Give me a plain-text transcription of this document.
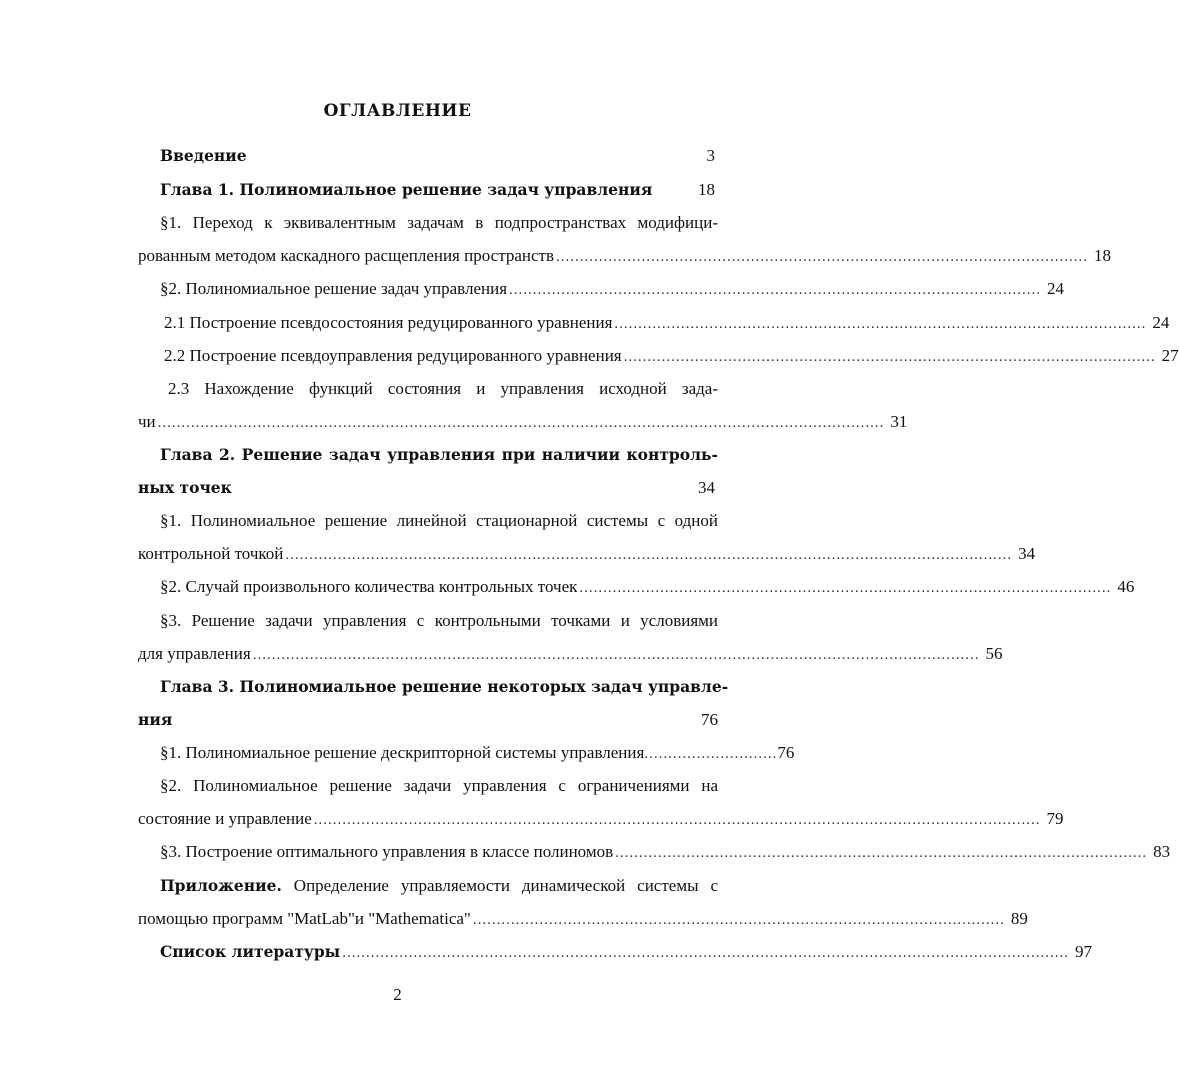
ОГЛАВЛЕНИЕ
Введение	3
Глава 1. Полиномиальное решение задач управления	18
§1. Переход к эквивалентным задачам в подпространствах модифици-
рованным методом каскадного расщепления пространств ................................................................................................................ 18
§2. Полиномиальное решение задач управления ................................................................................................................ 24
2.1 Построение псевдосостояния редуцированного уравнения ................................................................................................................ 24
2.2 Построение псевдоуправления редуцированного уравнения ................................................................................................................ 27
2.3 Нахождение функций состояния и управления исходной зада-
чи ......................................................................................................................................................... 31
Глава 2. Решение задач управления при наличии контроль-
ных точек	34
§1. Полиномиальное решение линейной стационарной системы с одной
контрольной точкой ......................................................................................................................................................... 34
§2. Случай произвольного количества контрольных точек ................................................................................................................ 46
§3. Решение задачи управления с контрольными точками и условиями
для управления ......................................................................................................................................................... 56
Глава 3. Полиномиальное решение некоторых задач управле-
ния	76
§1. Полиномиальное решение дескрипторной системы управления ............................ 76
§2. Полиномиальное решение задачи управления с ограничениями на
состояние и управление ......................................................................................................................................................... 79
§3. Построение оптимального управления в классе полиномов ................................................................................................................ 83
Приложение. Определение управляемости динамической системы с
помощью программ "MatLab"и "Mathematica" ................................................................................................................ 89
Список литературы ......................................................................................................................................................... 97
2
